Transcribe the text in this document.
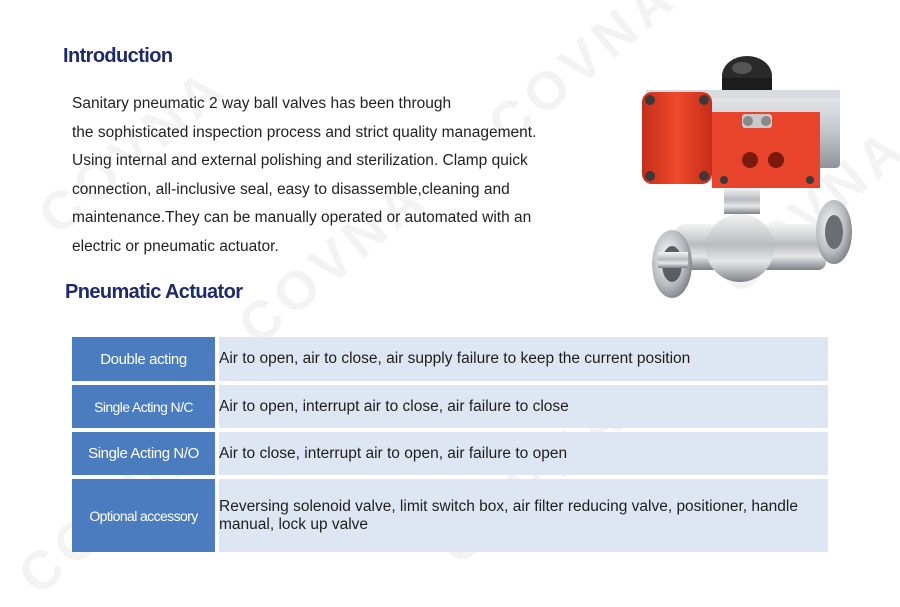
Introduction

Sanitary pneumatic 2 way ball valves has been through
the sophisticated inspection process and strict quality management.
Using internal and external polishing and sterilization. Clamp quick
connection, all-inclusive seal, easy to disassemble,cleaning and
maintenance.They can be manually operated or automated with an
electric or pneumatic actuator.

Pneumatic Actuator
Double acting	Air to open, air to close, air supply failure to keep the current position
Single Acting N/C	Air to open, interrupt air to close, air failure to close
Single Acting N/O	Air to close, interrupt air to open, air failure to open
Optional accessory	Reversing solenoid valve, limit switch box, air filter reducing valve, positioner, handle manual, lock up valve
